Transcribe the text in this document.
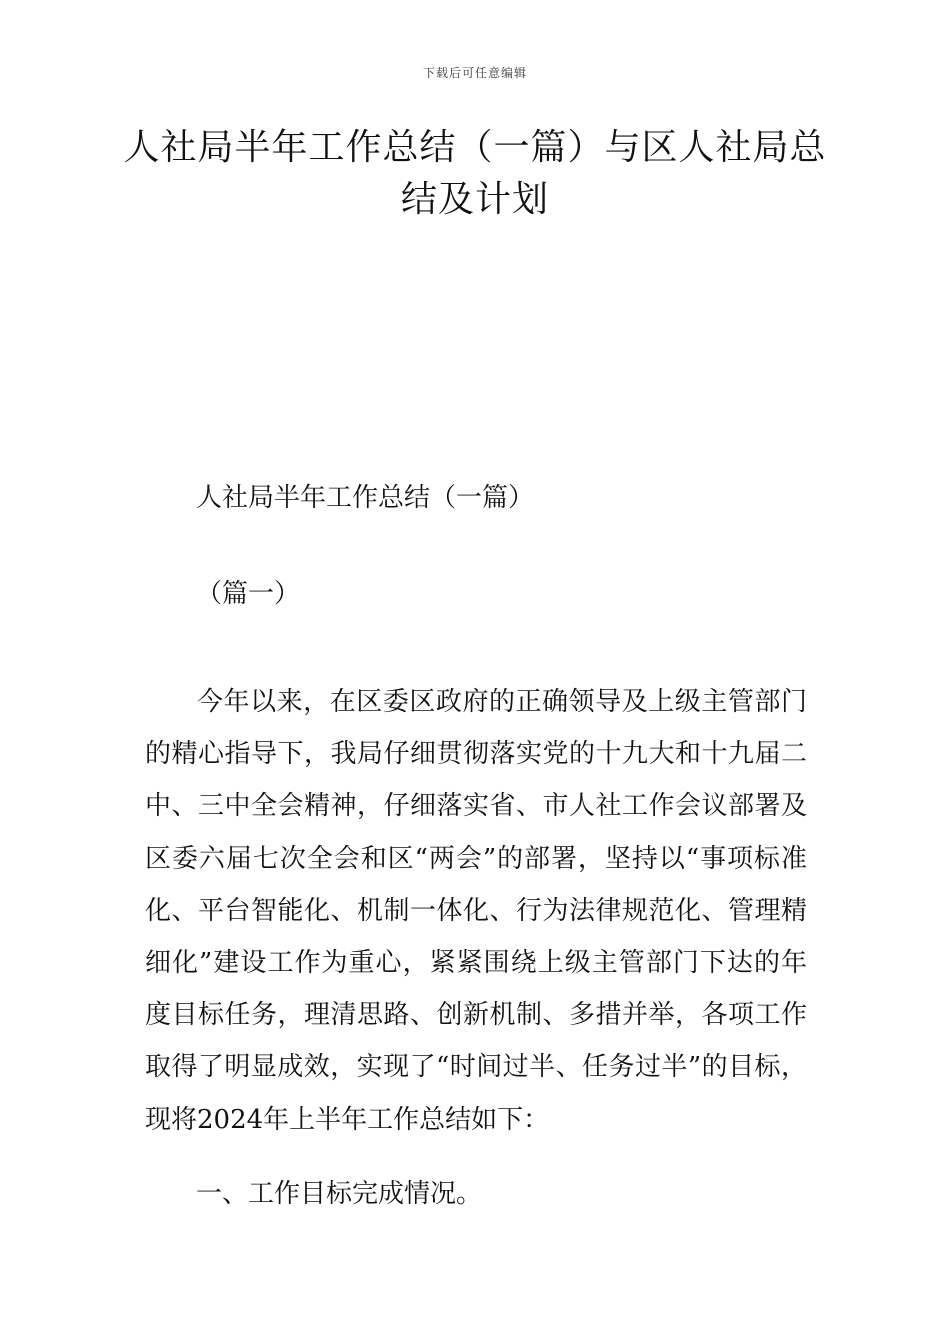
下载后可任意编辑
人社局半年工作总结（一篇）与区人社局总结及计划

人社局半年工作总结（一篇）

（篇一）

今年以来，在区委区政府的正确领导及上级主管部门的精心指导下，我局仔细贯彻落实党的十九大和十九届二中、三中全会精神，仔细落实省、市人社工作会议部署及区委六届七次全会和区“两会”的部署，坚持以“事项标准化、平台智能化、机制一体化、行为法律规范化、管理精细化”建设工作为重心，紧紧围绕上级主管部门下达的年度目标任务，理清思路、创新机制、多措并举，各项工作取得了明显成效，实现了“时间过半、任务过半”的目标，现将2024年上半年工作总结如下：

一、工作目标完成情况。
